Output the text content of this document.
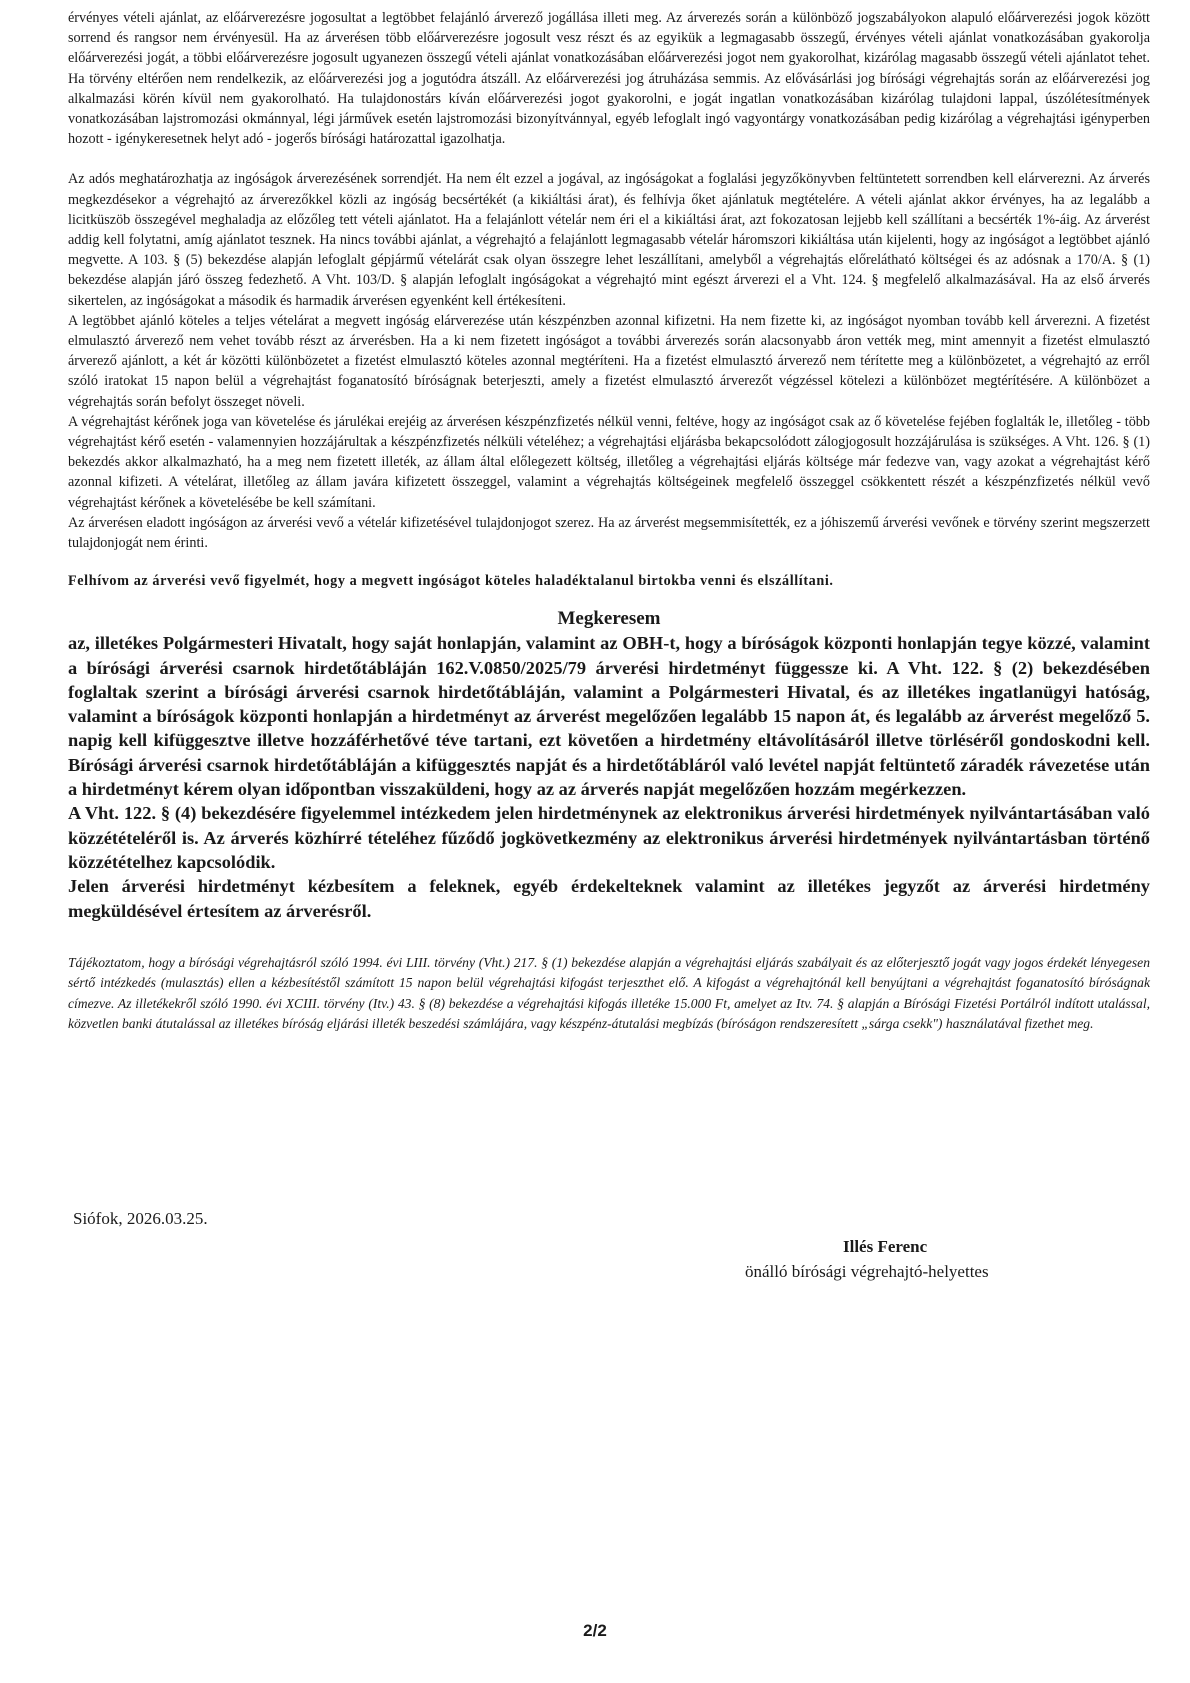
érvényes vételi ajánlat, az előárverezésre jogosultat a legtöbbet felajánló árverező jogállása illeti meg. Az árverezés során a különböző jogszabályokon alapuló előárverezési jogok között sorrend és rangsor nem érvényesül. Ha az árverésen több előárverezésre jogosult vesz részt és az egyikük a legmagasabb összegű, érvényes vételi ajánlat vonatkozásában gyakorolja előárverezési jogát, a többi előárverezésre jogosult ugyanezen összegű vételi ajánlat vonatkozásában előárverezési jogot nem gyakorolhat, kizárólag magasabb összegű vételi ajánlatot tehet. Ha törvény eltérően nem rendelkezik, az előárverezési jog a jogutódra átszáll. Az előárverezési jog átruházása semmis. Az elővásárlási jog bírósági végrehajtás során az előárverezési jog alkalmazási körén kívül nem gyakorolható. Ha tulajdonostárs kíván előárverezési jogot gyakorolni, e jogát ingatlan vonatkozásában kizárólag tulajdoni lappal, úszólétesítmények vonatkozásában lajstromozási okmánnyal, légi járművek esetén lajstromozási bizonyítvánnyal, egyéb lefoglalt ingó vagyontárgy vonatkozásában pedig kizárólag a végrehajtási igényperben hozott - igénykeresetnek helyt adó - jogerős bírósági határozattal igazolhatja.

Az adós meghatározhatja az ingóságok árverezésének sorrendjét. Ha nem élt ezzel a jogával, az ingóságokat a foglalási jegyzőkönyvben feltüntetett sorrendben kell elárverezni. Az árverés megkezdésekor a végrehajtó az árverezőkkel közli az ingóság becsértékét (a kikiáltási árat), és felhívja őket ajánlatuk megtételére. A vételi ajánlat akkor érvényes, ha az legalább a licitküszöb összegével meghaladja az előzőleg tett vételi ajánlatot. Ha a felajánlott vételár nem éri el a kikiáltási árat, azt fokozatosan lejjebb kell szállítani a becsérték 1%-áig. Az árverést addig kell folytatni, amíg ajánlatot tesznek. Ha nincs további ajánlat, a végrehajtó a felajánlott legmagasabb vételár háromszori kikiáltása után kijelenti, hogy az ingóságot a legtöbbet ajánló megvette. A 103. § (5) bekezdése alapján lefoglalt gépjármű vételárát csak olyan összegre lehet leszállítani, amelyből a végrehajtás előrelátható költségei és az adósnak a 170/A. § (1) bekezdése alapján járó összeg fedezhető. A Vht. 103/D. § alapján lefoglalt ingóságokat a végrehajtó mint egészt árverezi el a Vht. 124. § megfelelő alkalmazásával. Ha az első árverés sikertelen, az ingóságokat a második és harmadik árverésen egyenként kell értékesíteni.

A legtöbbet ajánló köteles a teljes vételárat a megvett ingóság elárverezése után készpénzben azonnal kifizetni. Ha nem fizette ki, az ingóságot nyomban tovább kell árverezni. A fizetést elmulasztó árverező nem vehet tovább részt az árverésben. Ha a ki nem fizetett ingóságot a további árverezés során alacsonyabb áron vették meg, mint amennyit a fizetést elmulasztó árverező ajánlott, a két ár közötti különbözetet a fizetést elmulasztó köteles azonnal megtéríteni. Ha a fizetést elmulasztó árverező nem térítette meg a különbözetet, a végrehajtó az erről szóló iratokat 15 napon belül a végrehajtást foganatosító bíróságnak beterjeszti, amely a fizetést elmulasztó árverezőt végzéssel kötelezi a különbözet megtérítésére. A különbözet a végrehajtás során befolyt összeget növeli.

A végrehajtást kérőnek joga van követelése és járulékai erejéig az árverésen készpénzfizetés nélkül venni, feltéve, hogy az ingóságot csak az ő követelése fejében foglalták le, illetőleg - több végrehajtást kérő esetén - valamennyien hozzájárultak a készpénzfizetés nélküli vételéhez; a végrehajtási eljárásba bekapcsolódott zálogjogosult hozzájárulása is szükséges. A Vht. 126. § (1) bekezdés akkor alkalmazható, ha a meg nem fizetett illeték, az állam által előlegezett költség, illetőleg a végrehajtási eljárás költsége már fedezve van, vagy azokat a végrehajtást kérő azonnal kifizeti. A vételárat, illetőleg az állam javára kifizetett összeggel, valamint a végrehajtás költségeinek megfelelő összeggel csökkentett részét a készpénzfizetés nélkül vevő végrehajtást kérőnek a követelésébe be kell számítani.

Az árverésen eladott ingóságon az árverési vevő a vételár kifizetésével tulajdonjogot szerez. Ha az árverést megsemmisítették, ez a jóhiszemű árverési vevőnek e törvény szerint megszerzett tulajdonjogát nem érinti.

Felhívom az árverési vevő figyelmét, hogy a megvett ingóságot köteles haladéktalanul birtokba venni és elszállítani.

Megkeresem

az, illetékes Polgármesteri Hivatalt, hogy saját honlapján, valamint az OBH-t, hogy a bíróságok központi honlapján tegye közzé, valamint a bírósági árverési csarnok hirdetőtábláján 162.V.0850/2025/79 árverési hirdetményt függessze ki. A Vht. 122. § (2) bekezdésében foglaltak szerint a bírósági árverési csarnok hirdetőtábláján, valamint a Polgármesteri Hivatal, és az illetékes ingatlanügyi hatóság, valamint a bíróságok központi honlapján a hirdetményt az árverést megelőzően legalább 15 napon át, és legalább az árverést megelőző 5. napig kell kifüggesztve illetve hozzáférhetővé téve tartani, ezt követően a hirdetmény eltávolításáról illetve törléséről gondoskodni kell. Bírósági árverési csarnok hirdetőtábláján a kifüggesztés napját és a hirdetőtábláról való levétel napját feltüntető záradék rávezetése után a hirdetményt kérem olyan időpontban visszaküldeni, hogy az az árverés napját megelőzően hozzám megérkezzen.

A Vht. 122. § (4) bekezdésére figyelemmel intézkedem jelen hirdetménynek az elektronikus árverési hirdetmények nyilvántartásában való közzétételéről is. Az árverés közhírré tételéhez fűződő jogkövetkezmény az elektronikus árverési hirdetmények nyilvántartásban történő közzétételhez kapcsolódik.

Jelen árverési hirdetményt kézbesítem a feleknek, egyéb érdekelteknek valamint az illetékes jegyzőt az árverési hirdetmény megküldésével értesítem az árverésről.

Tájékoztatom, hogy a bírósági végrehajtásról szóló 1994. évi LIII. törvény (Vht.) 217. § (1) bekezdése alapján a végrehajtási eljárás szabályait és az előterjesztő jogát vagy jogos érdekét lényegesen sértő intézkedés (mulasztás) ellen a kézbesítéstől számított 15 napon belül végrehajtási kifogást terjeszthet elő. A kifogást a végrehajtónál kell benyújtani a végrehajtást foganatosító bíróságnak címezve. Az illetékekről szóló 1990. évi XCIII. törvény (Itv.) 43. § (8) bekezdése a végrehajtási kifogás illetéke 15.000 Ft, amelyet az Itv. 74. § alapján a Bírósági Fizetési Portálról indított utalással, közvetlen banki átutalással az illetékes bíróság eljárási illeték beszedési számlájára, vagy készpénz-átutalási megbízás (bíróságon rendszeresített „sárga csekk") használatával fizethet meg.

Siófok, 2026.03.25.

Illés Ferenc

önálló bírósági végrehajtó-helyettes

2/2
